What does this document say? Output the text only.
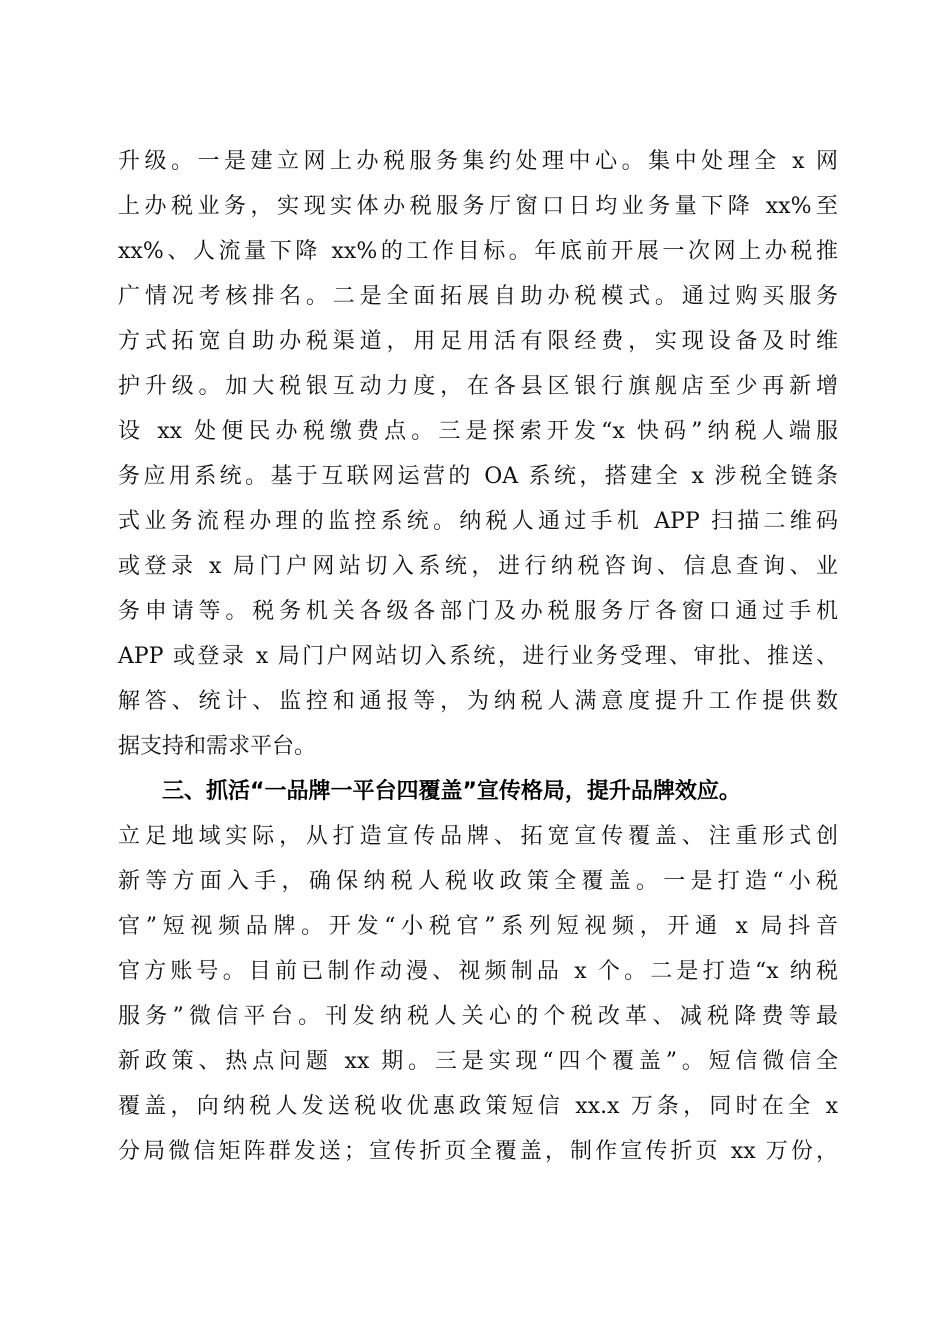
升级。一是建立网上办税服务集约处理中心。集中处理全 x 网
上办税业务，实现实体办税服务厅窗口日均业务量下降 xx%至
xx%、人流量下降 xx%的工作目标。年底前开展一次网上办税推
广情况考核排名。二是全面拓展自助办税模式。通过购买服务
方式拓宽自助办税渠道，用足用活有限经费，实现设备及时维
护升级。加大税银互动力度，在各县区银行旗舰店至少再新增
设 xx 处便民办税缴费点。三是探索开发“x 快码”纳税人端服
务应用系统。基于互联网运营的 OA 系统，搭建全 x 涉税全链条
式业务流程办理的监控系统。纳税人通过手机 APP 扫描二维码
或登录 x 局门户网站切入系统，进行纳税咨询、信息查询、业
务申请等。税务机关各级各部门及办税服务厅各窗口通过手机
APP 或登录 x 局门户网站切入系统，进行业务受理、审批、推送、
解答、统计、监控和通报等，为纳税人满意度提升工作提供数
据支持和需求平台。
三、抓活“一品牌一平台四覆盖”宣传格局，提升品牌效应。
立足地域实际，从打造宣传品牌、拓宽宣传覆盖、注重形式创
新等方面入手，确保纳税人税收政策全覆盖。一是打造“小税
官”短视频品牌。开发“小税官”系列短视频，开通 x 局抖音
官方账号。目前已制作动漫、视频制品 x 个。二是打造“x 纳税
服务”微信平台。刊发纳税人关心的个税改革、减税降费等最
新政策、热点问题 xx 期。三是实现“四个覆盖”。短信微信全
覆盖，向纳税人发送税收优惠政策短信 xx.x 万条，同时在全 x
分局微信矩阵群发送；宣传折页全覆盖，制作宣传折页 xx 万份，
